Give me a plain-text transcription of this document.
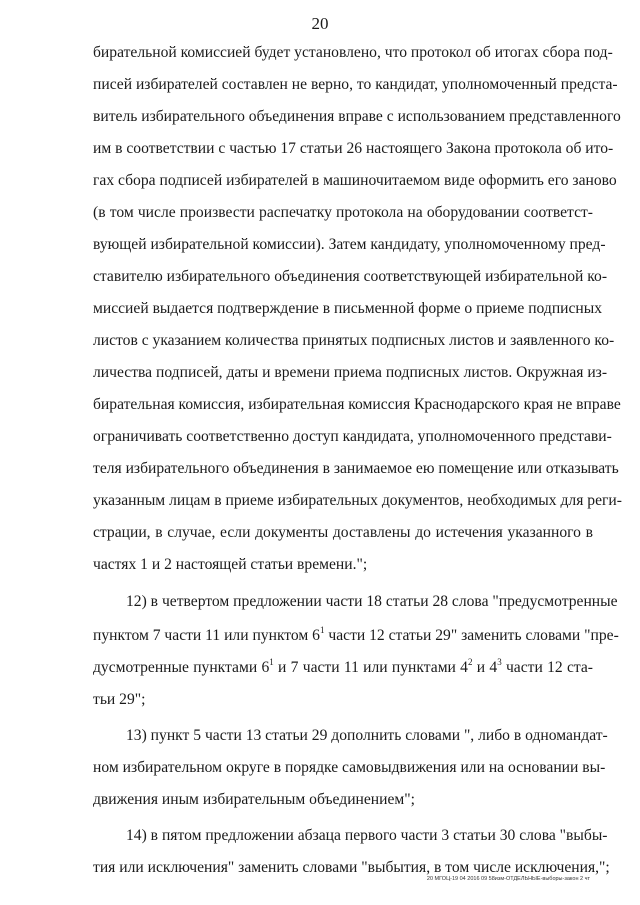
20
бирательной комиссией будет установлено, что протокол об итогах сбора под-
писей избирателей составлен не верно, то кандидат, уполномоченный предста-
витель избирательного объединения вправе с использованием представленного
им в соответствии с частью 17 статьи 26 настоящего Закона протокола об ито-
гах сбора подписей избирателей в машиночитаемом виде оформить его заново
(в том числе произвести распечатку протокола на оборудовании соответст-
вующей избирательной комиссии). Затем кандидату, уполномоченному пред-
ставителю избирательного объединения соответствующей избирательной ко-
миссией выдается подтверждение в письменной форме о приеме подписных
листов с указанием количества принятых подписных листов и заявленного ко-
личества подписей, даты и времени приема подписных листов. Окружная из-
бирательная комиссия, избирательная комиссия Краснодарского края не вправе
ограничивать соответственно доступ кандидата, уполномоченного представи-
теля избирательного объединения в занимаемое ею помещение или отказывать
указанным лицам в приеме избирательных документов, необходимых для реги-
страции, в случае, если документы доставлены до истечения указанного в
частях 1 и 2 настоящей статьи времени.";
12) в четвертом предложении части 18 статьи 28 слова "предусмотренные
пунктом 7 части 11 или пунктом $6^1$ части 12 статьи 29" заменить словами "пре-
дусмотренные пунктами $6^1$ и 7 части 11 или пунктами $4^2$ и $4^3$ части 12 ста-
тьи 29";
13) пункт 5 части 13 статьи 29 дополнить словами ", либо в одномандат-
ном избирательном округе в порядке самовыдвижения или на основании вы-
движения иным избирательным объединением";
14) в пятом предложении абзаца первого части 3 статьи 30 слова "выбы-
тия или исключения" заменить словами "выбытия, в том числе исключения,";
20 МГОЦ-19 04 2016 09 58изм-ОТДЕЛЬНЫЕ-выборы-закон 2 чт
